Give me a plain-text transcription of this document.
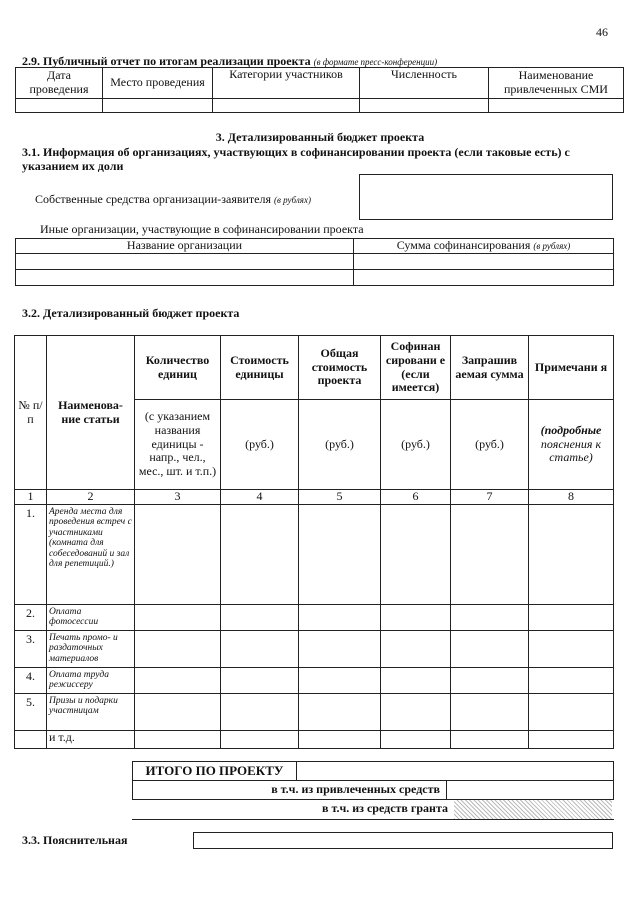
46
2.9. Публичный отчет по итогам реализации проекта (в формате пресс-конференции)
Дата проведения	Место проведения	Категории участников	Численность	Наименование привлеченных СМИ

3. Детализированный бюджет проекта
3.1. Информация об организациях, участвующих в софинансировании проекта (если таковые есть) с указанием их доли
Собственные средства организации-заявителя (в рублях)
Иные организации, участвующие в софинансировании проекта
Название организации	Сумма софинансирования (в рублях)

3.2. Детализированный бюджет проекта
№ п/п	Наименова-ние статьи	Количество единиц	Стоимость единицы	Общая стоимость проекта	Софинан сировани е (если имеется)	Запрашив аемая сумма	Примечани я
		(с указанием названия единицы - напр., чел., мес., шт. и т.п.)	(руб.)	(руб.)	(руб.)	(руб.)	(подробные
пояснения к статье)
1	2	3	4	5	6	7	8
1.	Аренда места для проведения встреч с участниками (комната для собеседований и зал для репетиций.)						
2.	Оплата фотосессии						
3.	Печать промо- и раздаточных материалов						
4.	Оплата труда режиссеру						
5.	Призы и подарки участницам						
	и т.д.						
ИТОГО ПО ПРОЕКТУ		
в т.ч. из привлеченных средств		
в т.ч. из средств гранта
3.3. Пояснительная
